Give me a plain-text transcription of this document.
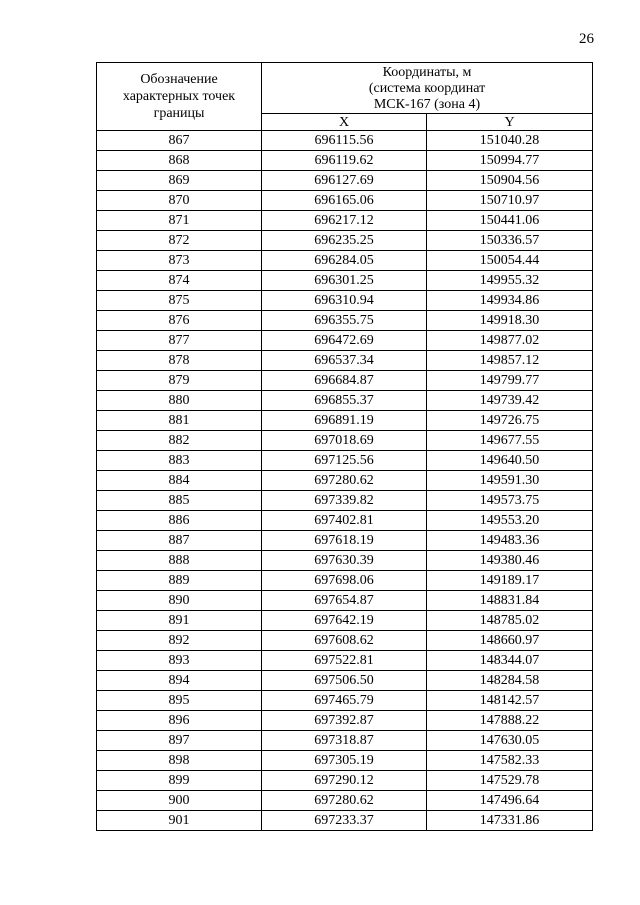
26
Обозначение
характерных точек
границы	Координаты, м
(система координат
МСК-167 (зона 4)	

	X	Y
867	696115.56	151040.28
868	696119.62	150994.77
869	696127.69	150904.56
870	696165.06	150710.97
871	696217.12	150441.06
872	696235.25	150336.57
873	696284.05	150054.44
874	696301.25	149955.32
875	696310.94	149934.86
876	696355.75	149918.30
877	696472.69	149877.02
878	696537.34	149857.12
879	696684.87	149799.77
880	696855.37	149739.42
881	696891.19	149726.75
882	697018.69	149677.55
883	697125.56	149640.50
884	697280.62	149591.30
885	697339.82	149573.75
886	697402.81	149553.20
887	697618.19	149483.36
888	697630.39	149380.46
889	697698.06	149189.17
890	697654.87	148831.84
891	697642.19	148785.02
892	697608.62	148660.97
893	697522.81	148344.07
894	697506.50	148284.58
895	697465.79	148142.57
896	697392.87	147888.22
897	697318.87	147630.05
898	697305.19	147582.33
899	697290.12	147529.78
900	697280.62	147496.64
901	697233.37	147331.86
